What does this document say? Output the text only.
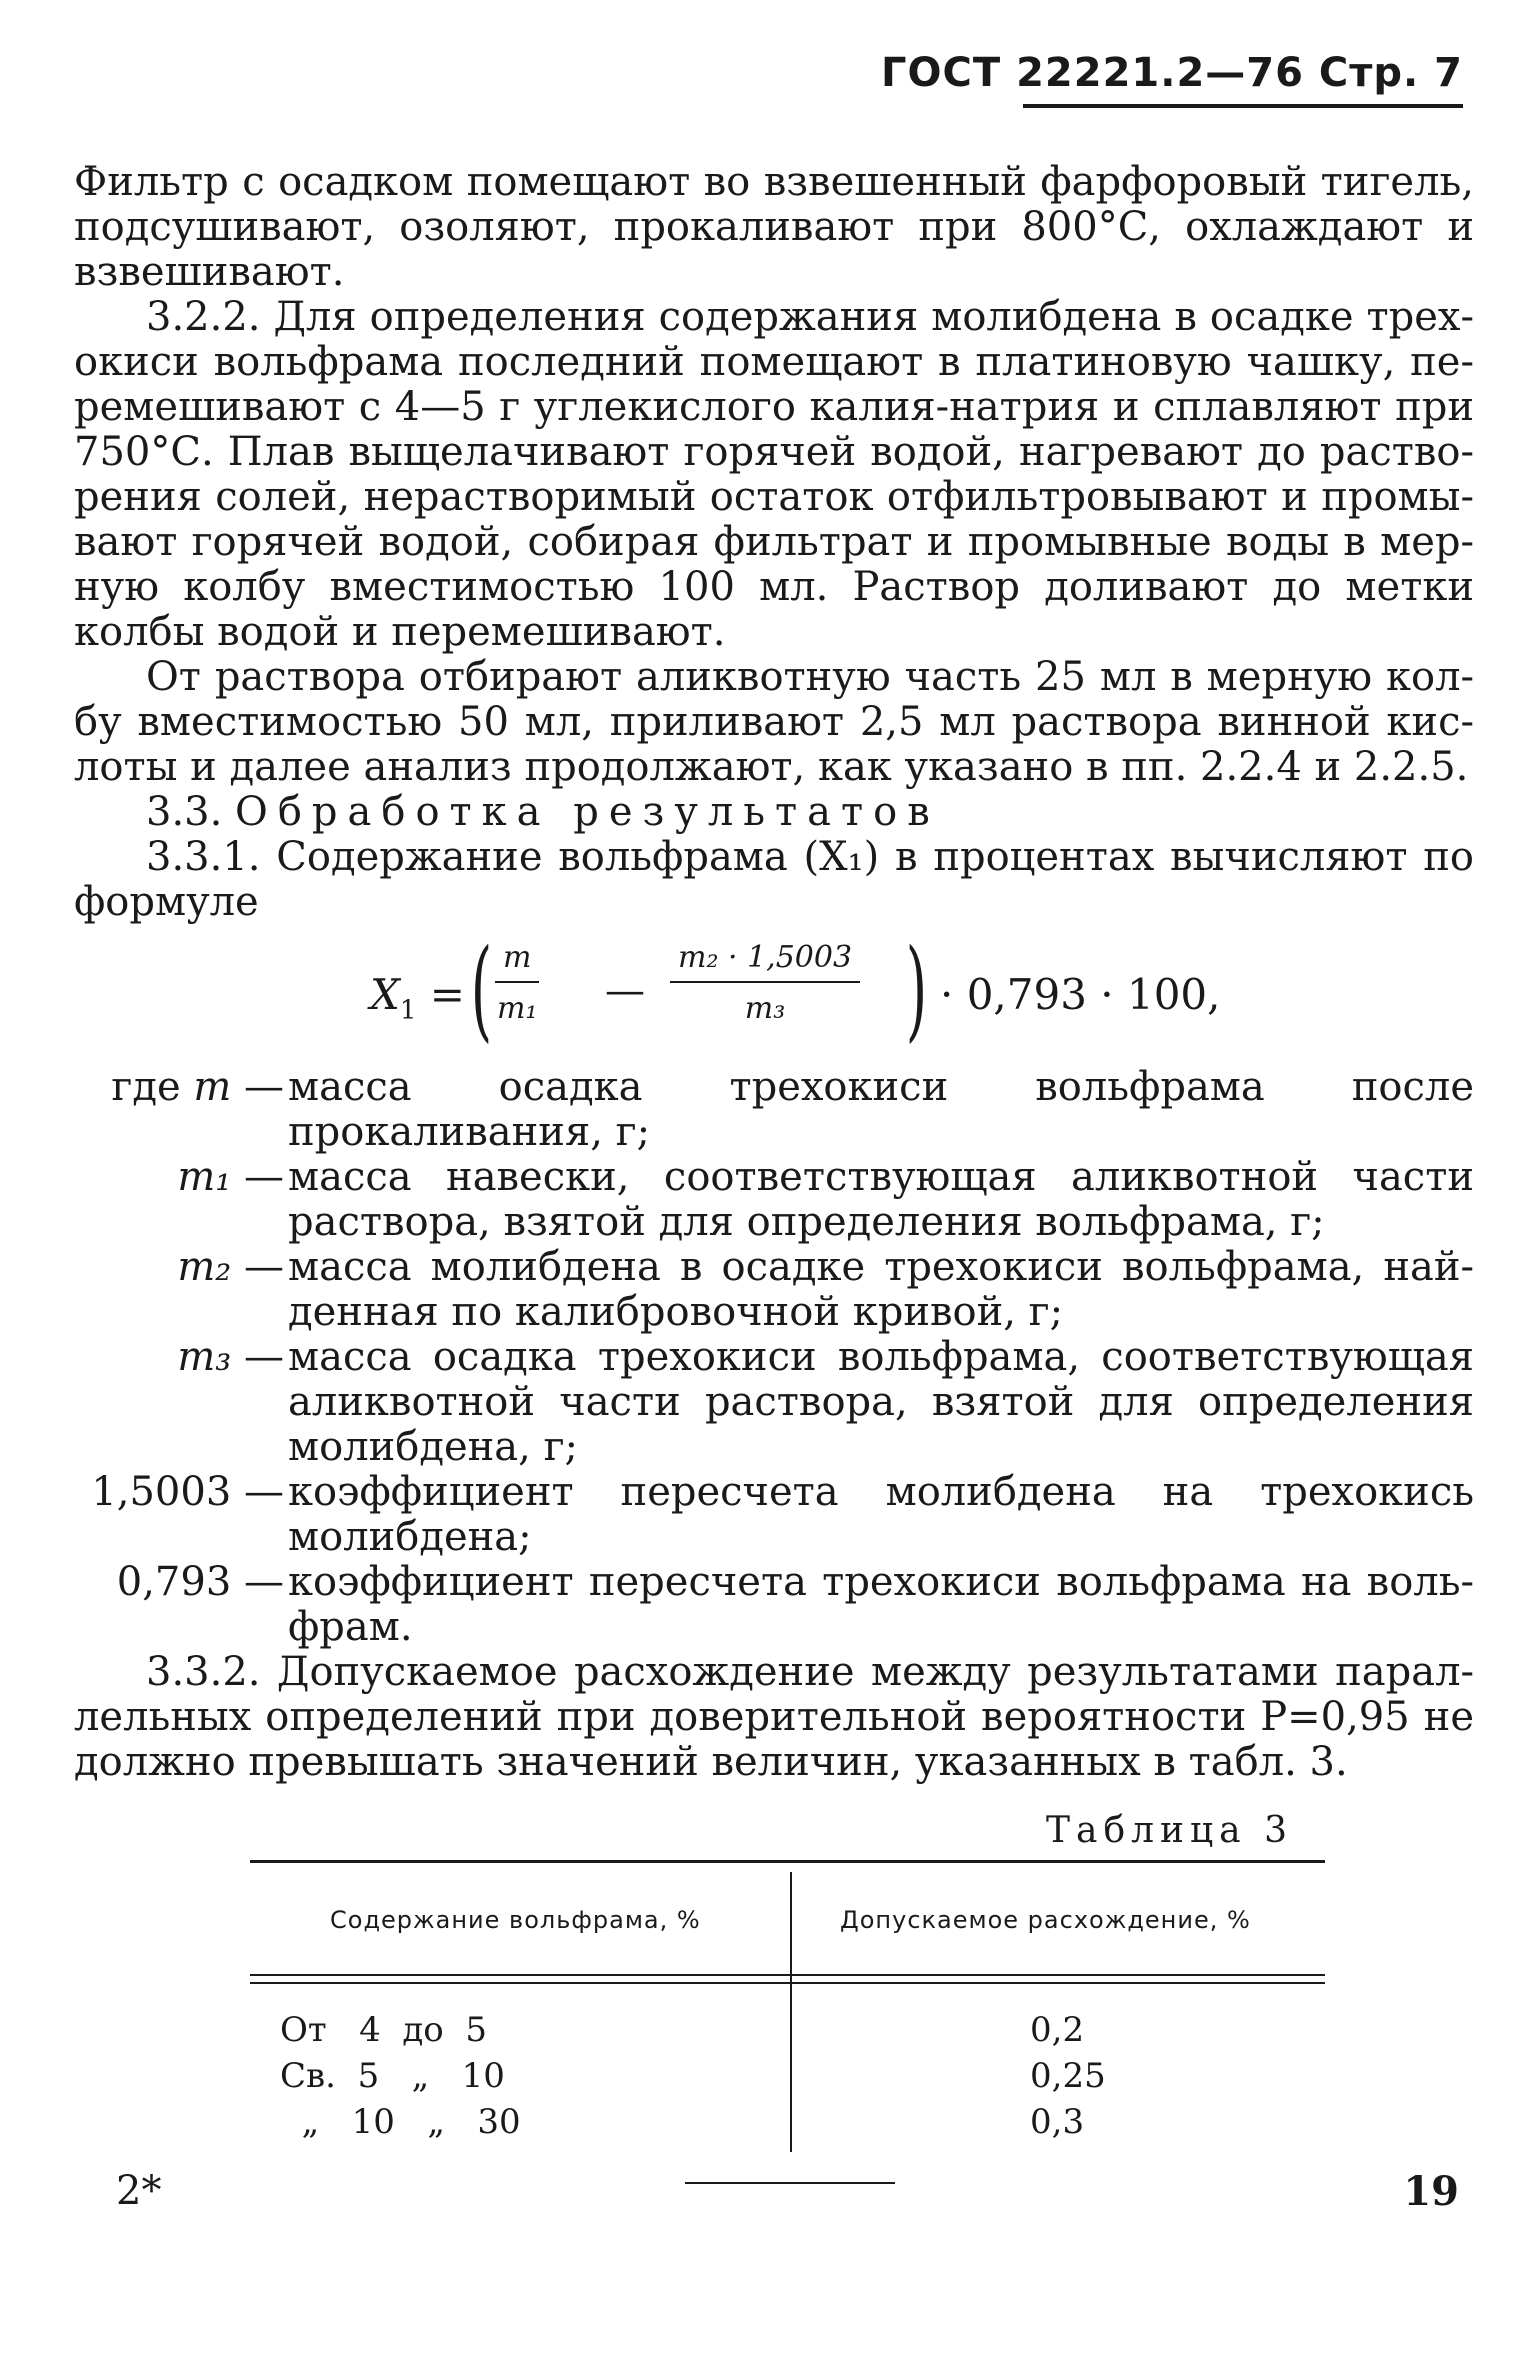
ГОСТ 22221.2—76 Стр. 7

Фильтр с осадком помещают во взвешенный фарфоровый тигель, подсушивают, озоляют, прокаливают при 800°С, охлаждают и взвешивают.

3.2.2. Для определения содержания молибдена в осадке трехокиси вольфрама последний помещают в платиновую чашку, перемешивают с 4—5 г углекислого калия-натрия и сплавляют при 750°С. Плав выщелачивают горячей водой, нагревают до растворения солей, нерастворимый остаток отфильтровывают и промывают горячей водой, собирая фильтрат и промывные воды в мерную колбу вместимостью 100 мл. Раствор доливают до метки колбы водой и перемешивают.

От раствора отбирают аликвотную часть 25 мл в мерную колбу вместимостью 50 мл, приливают 2,5 мл раствора винной кислоты и далее анализ продолжают, как указано в пп. 2.2.4 и 2.2.5.

3.3. Обработка результатов

3.3.1. Содержание вольфрама (X₁) в процентах вычисляют по формуле

$X_1$ = ( $\frac{m}{\text{m₁}}$ — $\frac{\text{m₂ · 1,5003}}{\text{m₃}}$ ) · 0,793 · 100,
где m — масса осадка трехокиси вольфрама после прокаливания, г;
m₁ — масса навески, соответствующая аликвотной части раствора, взятой для определения вольфрама, г;
m₂ — масса молибдена в осадке трехокиси вольфрама, найденная по калибровочной кривой, г;
m₃ — масса осадка трехокиси вольфрама, соответствующая аликвотной части раствора, взятой для определения молибдена, г;
1,5003 — коэффициент пересчета молибдена на трехокись молибдена;
0,793 — коэффициент пересчета трехокиси вольфрама на вольфрам.
3.3.2. Допускаемое расхождение между результатами параллельных определений при доверительной вероятности P=0,95 не должно превышать значений величин, указанных в табл. 3.
Таблица 3
Содержание вольфрама, %	Допускаемое расхождение, %
От   4  до  5	0,2
Св.  5   „   10	0,25
„   10   „   30	0,3
2*	19
